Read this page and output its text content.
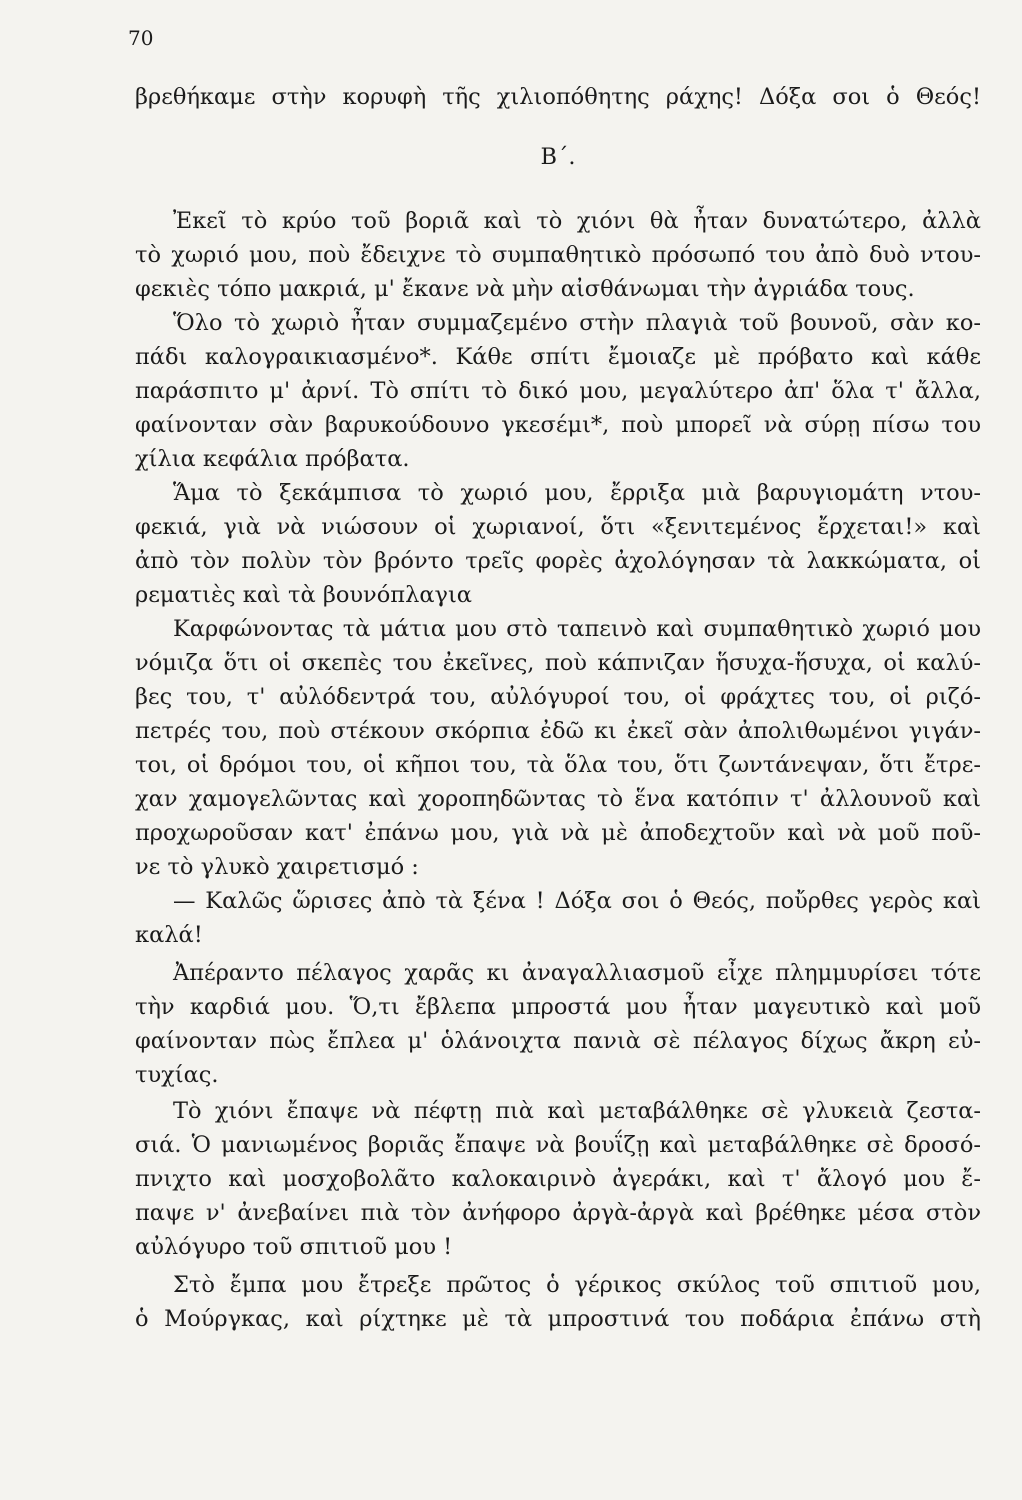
70
βρεθήκαμε στὴν κορυφὴ τῆς χιλιοπόθητης ράχης! Δόξα σοι ὁ Θεός!
Β΄.
Ἐκεῖ τὸ κρύο τοῦ βοριᾶ καὶ τὸ χιόνι θὰ ἦταν δυνατώτερο, ἀλλὰ
τὸ χωριό μου, ποὺ ἔδειχνε τὸ συμπαθητικὸ πρόσωπό του ἀπὸ δυὸ ντου-
φεκιὲς τόπο μακριά, μ' ἔκανε νὰ μὴν αἰσθάνωμαι τὴν ἀγριάδα τους.
Ὅλο τὸ χωριὸ ἦταν συμμαζεμένο στὴν πλαγιὰ τοῦ βουνοῦ, σὰν κο-
πάδι καλογραικιασμένο*. Κάθε σπίτι ἔμοιαζε μὲ πρόβατο καὶ κάθε
παράσπιτο μ' ἀρνί. Τὸ σπίτι τὸ δικό μου, μεγαλύτερο ἀπ' ὅλα τ' ἄλλα,
φαίνονταν σὰν βαρυκούδουνο γκεσέμι*, ποὺ μπορεῖ νὰ σύρῃ πίσω του
χίλια κεφάλια πρόβατα.
Ἅμα τὸ ξεκάμπισα τὸ χωριό μου, ἔρριξα μιὰ βαρυγιομάτη ντου-
φεκιά, γιὰ νὰ νιώσουν οἱ χωριανοί, ὅτι «ξενιτεμένος ἔρχεται!» καὶ
ἀπὸ τὸν πολὺν τὸν βρόντο τρεῖς φορὲς ἀχολόγησαν τὰ λακκώματα, οἱ
ρεματιὲς καὶ τὰ βουνόπλαγια
Καρφώνοντας τὰ μάτια μου στὸ ταπεινὸ καὶ συμπαθητικὸ χωριό μου
νόμιζα ὅτι οἱ σκεπὲς του ἐκεῖνες, ποὺ κάπνιζαν ἥσυχα-ἥσυχα, οἱ καλύ-
βες του, τ' αὐλόδεντρά του, αὐλόγυροί του, οἱ φράχτες του, οἱ ριζό-
πετρές του, ποὺ στέκουν σκόρπια ἐδῶ κι ἐκεῖ σὰν ἀπολιθωμένοι γιγάν-
τοι, οἱ δρόμοι του, οἱ κῆποι του, τὰ ὅλα του, ὅτι ζωντάνεψαν, ὅτι ἔτρε-
χαν χαμογελῶντας καὶ χοροπηδῶντας τὸ ἕνα κατόπιν τ' ἀλλουνοῦ καὶ
προχωροῦσαν κατ' ἐπάνω μου, γιὰ νὰ μὲ ἀποδεχτοῦν καὶ νὰ μοῦ ποῦ-
νε τὸ γλυκὸ χαιρετισμό :
— Καλῶς ὥρισες ἀπὸ τὰ ξένα ! Δόξα σοι ὁ Θεός, ποὔρθες γερὸς καὶ
καλά!
Ἀπέραντο πέλαγος χαρᾶς κι ἀναγαλλιασμοῦ εἶχε πλημμυρίσει τότε
τὴν καρδιά μου. Ὅ,τι ἔβλεπα μπροστά μου ἦταν μαγευτικὸ καὶ μοῦ
φαίνονταν πὼς ἔπλεα μ' ὁλάνοιχτα πανιὰ σὲ πέλαγος δίχως ἄκρη εὐ-
τυχίας.
Τὸ χιόνι ἔπαψε νὰ πέφτῃ πιὰ καὶ μεταβάλθηκε σὲ γλυκειὰ ζεστα-
σιά. Ὁ μανιωμένος βοριᾶς ἔπαψε νὰ βουΐζῃ καὶ μεταβάλθηκε σὲ δροσό-
πνιχτο καὶ μοσχοβολᾶτο καλοκαιρινὸ ἀγεράκι, καὶ τ' ἄλογό μου ἔ-
παψε ν' ἀνεβαίνει πιὰ τὸν ἀνήφορο ἀργὰ-ἀργὰ καὶ βρέθηκε μέσα στὸν
αὐλόγυρο τοῦ σπιτιοῦ μου !
Στὸ ἔμπα μου ἔτρεξε πρῶτος ὁ γέρικος σκύλος τοῦ σπιτιοῦ μου,
ὁ Μούργκας, καὶ ρίχτηκε μὲ τὰ μπροστινά του ποδάρια ἐπάνω στὴ
